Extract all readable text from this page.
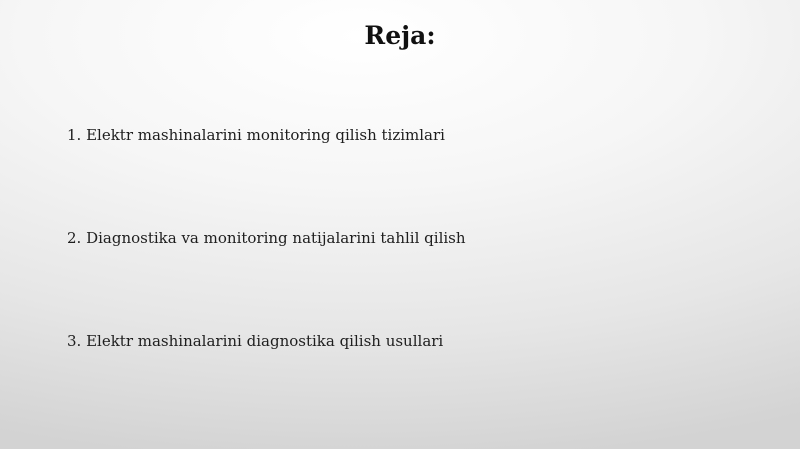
Reja:
1. Elektr mashinalarini monitoring qilish tizimlari
2. Diagnostika va monitoring natijalarini tahlil qilish
3. Elektr mashinalarini diagnostika qilish usullari
